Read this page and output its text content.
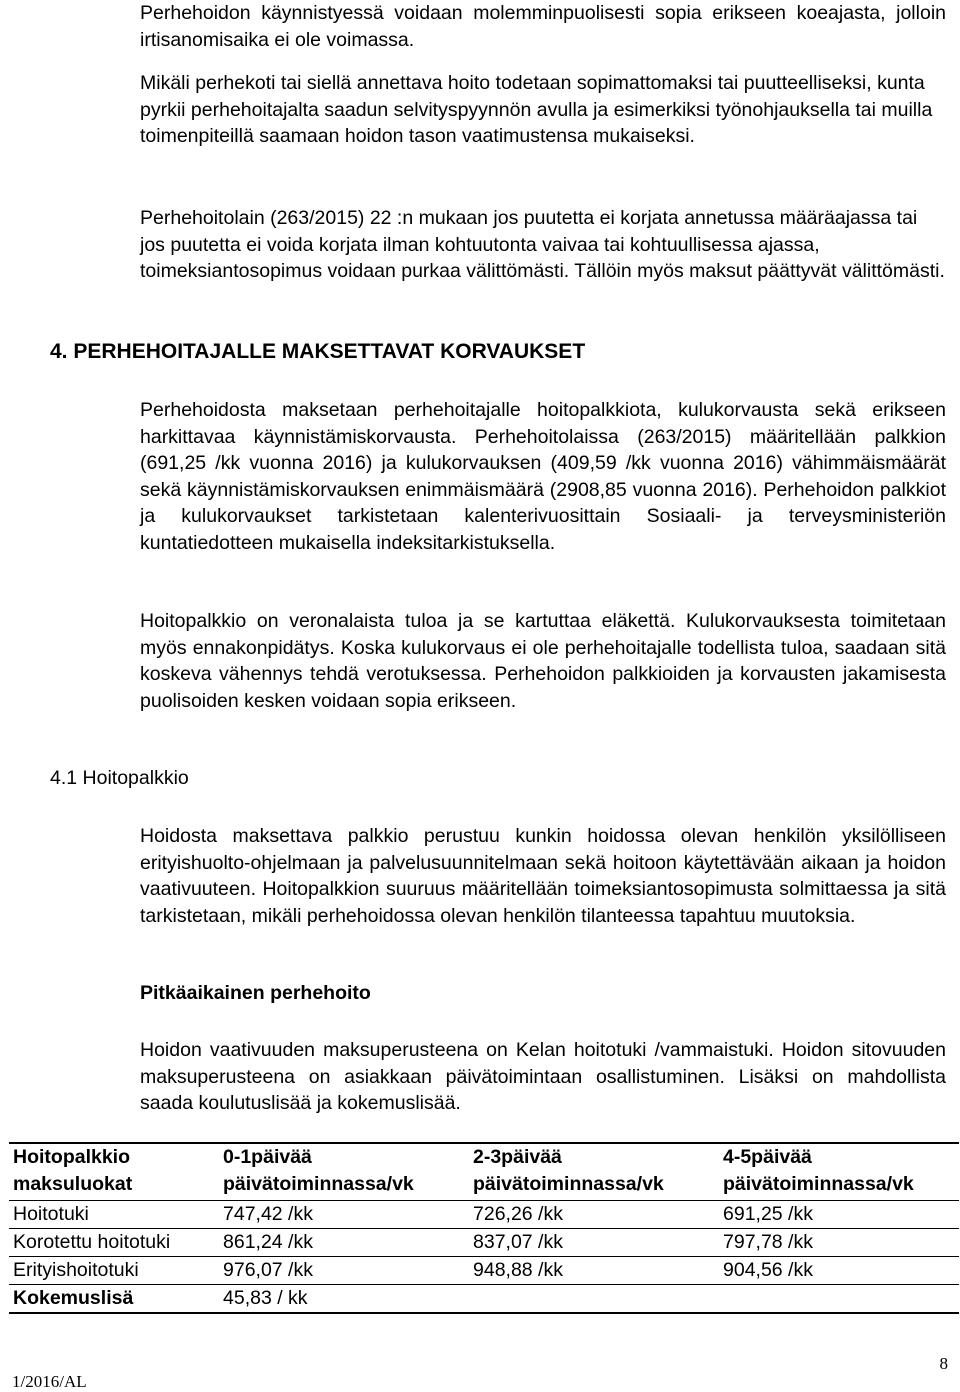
Perhehoidon käynnistyessä voidaan molemminpuolisesti sopia erikseen koeajasta, jolloin irtisanomisaika ei ole voimassa.

Mikäli perhekoti tai siellä annettava hoito todetaan sopimattomaksi tai puutteelliseksi, kunta pyrkii perhehoitajalta saadun selvityspyynnön avulla ja esimerkiksi työnohjauksella tai muilla toimenpiteillä saamaan hoidon tason vaatimustensa mukaiseksi.

Perhehoitolain (263/2015) 22 :n mukaan jos puutetta ei korjata annetussa määräajassa tai jos puutetta ei voida korjata ilman kohtuutonta vaivaa tai kohtuullisessa ajassa, toimeksiantosopimus voidaan purkaa välittömästi. Tällöin myös maksut päättyvät välittömästi.

4. PERHEHOITAJALLE MAKSETTAVAT KORVAUKSET

Perhehoidosta maksetaan perhehoitajalle hoitopalkkiota, kulukorvausta sekä erikseen harkittavaa käynnistämiskorvausta. Perhehoitolaissa (263/2015) määritellään palkkion (691,25 /kk vuonna 2016) ja kulukorvauksen (409,59 /kk vuonna 2016) vähimmäismäärät sekä käynnistämiskorvauksen enimmäismäärä (2908,85 vuonna 2016). Perhehoidon palkkiot ja kulukorvaukset tarkistetaan kalenterivuosittain Sosiaali- ja terveysministeriön kuntatiedotteen mukaisella indeksitarkistuksella.

Hoitopalkkio on veronalaista tuloa ja se kartuttaa eläkettä. Kulukorvauksesta toimitetaan myös ennakonpidätys. Koska kulukorvaus ei ole perhehoitajalle todellista tuloa, saadaan sitä koskeva vähennys tehdä verotuksessa. Perhehoidon palkkioiden ja korvausten jakamisesta puolisoiden kesken voidaan sopia erikseen.

4.1 Hoitopalkkio

Hoidosta maksettava palkkio perustuu kunkin hoidossa olevan henkilön yksilölliseen erityishuolto-ohjelmaan ja palvelusuunnitelmaan sekä hoitoon käytettävään aikaan ja hoidon vaativuuteen. Hoitopalkkion suuruus määritellään toimeksiantosopimusta solmittaessa ja sitä tarkistetaan, mikäli perhehoidossa olevan henkilön tilanteessa tapahtuu muutoksia.

Pitkäaikainen perhehoito

Hoidon vaativuuden maksuperusteena on Kelan hoitotuki /vammaistuki. Hoidon sitovuuden maksuperusteena on asiakkaan päivätoimintaan osallistuminen. Lisäksi on mahdollista saada koulutuslisää ja kokemuslisää.

Hoitopalkkio maksuluokat	0-1päivää päivätoiminnassa/vk	2-3päivää päivätoiminnassa/vk	4-5päivää päivätoiminnassa/vk
Hoitotuki	747,42 /kk	726,26 /kk	691,25 /kk
Korotettu hoitotuki	861,24 /kk	837,07 /kk	797,78 /kk
Erityishoitotuki	976,07 /kk	948,88 /kk	904,56 /kk
Kokemuslisä	45,83 / kk		

1/2016/AL

8
